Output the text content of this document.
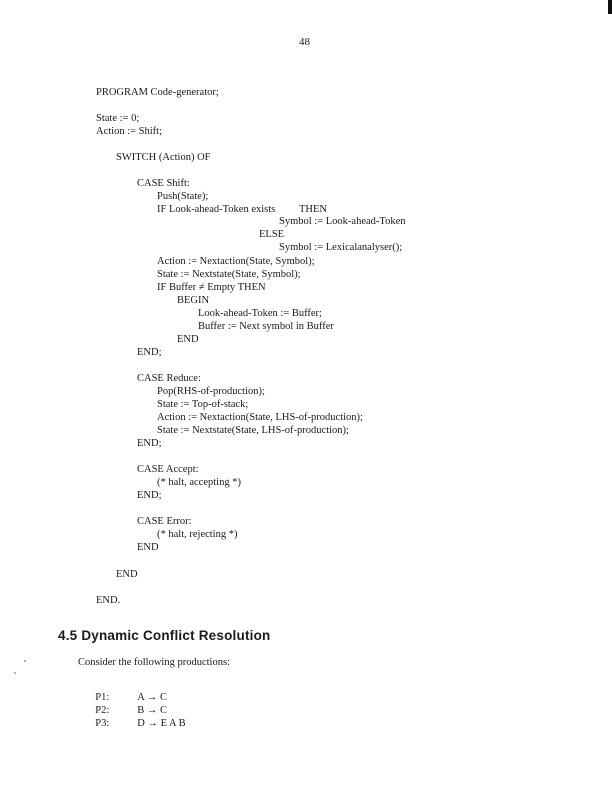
48
PROGRAM Code-generator;
State := 0;
Action := Shift;
SWITCH (Action) OF
CASE Shift:
Push(State);
IF Look-ahead-Token exists THEN
Symbol := Look-ahead-Token
ELSE
Symbol := Lexicalanalyser();
Action := Nextaction(State, Symbol);
State := Nextstate(State, Symbol);
IF Buffer ≠ Empty THEN
BEGIN
Look-ahead-Token := Buffer;
Buffer := Next symbol in Buffer
END
END;
CASE Reduce:
Pop(RHS-of-production);
State := Top-of-stack;
Action := Nextaction(State, LHS-of-production);
State := Nextstate(State, LHS-of-production);
END;
CASE Accept:
(* halt, accepting *)
END;
CASE Error:
(* halt, rejecting *)
END
END
END.
4.5 Dynamic Conflict Resolution
Consider the following productions:

P1:	A → C

P2:	B → C

P3:	D → E A B
